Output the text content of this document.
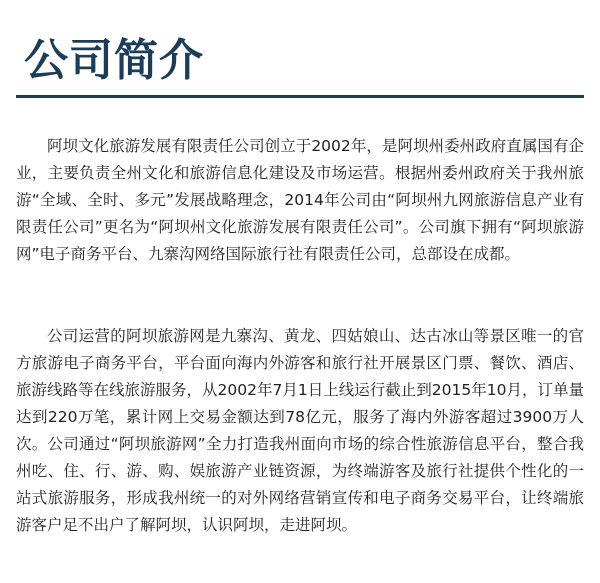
公司简介

阿坝文化旅游发展有限责任公司创立于2002年，是阿坝州委州政府直属国有企业，主要负责全州文化和旅游信息化建设及市场运营。根据州委州政府关于我州旅游“全域、全时、多元”发展战略理念，2014年公司由“阿坝州九网旅游信息产业有限责任公司”更名为“阿坝州文化旅游发展有限责任公司”。公司旗下拥有“阿坝旅游网”电子商务平台、九寨沟网络国际旅行社有限责任公司，总部设在成都。

公司运营的阿坝旅游网是九寨沟、黄龙、四姑娘山、达古冰山等景区唯一的官方旅游电子商务平台，平台面向海内外游客和旅行社开展景区门票、餐饮、酒店、旅游线路等在线旅游服务，从2002年7月1日上线运行截止到2015年10月，订单量达到220万笔，累计网上交易金额达到78亿元，服务了海内外游客超过3900万人次。公司通过“阿坝旅游网”全力打造我州面向市场的综合性旅游信息平台，整合我州吃、住、行、游、购、娱旅游产业链资源，为终端游客及旅行社提供个性化的一站式旅游服务，形成我州统一的对外网络营销宣传和电子商务交易平台，让终端旅游客户足不出户了解阿坝，认识阿坝，走进阿坝。
